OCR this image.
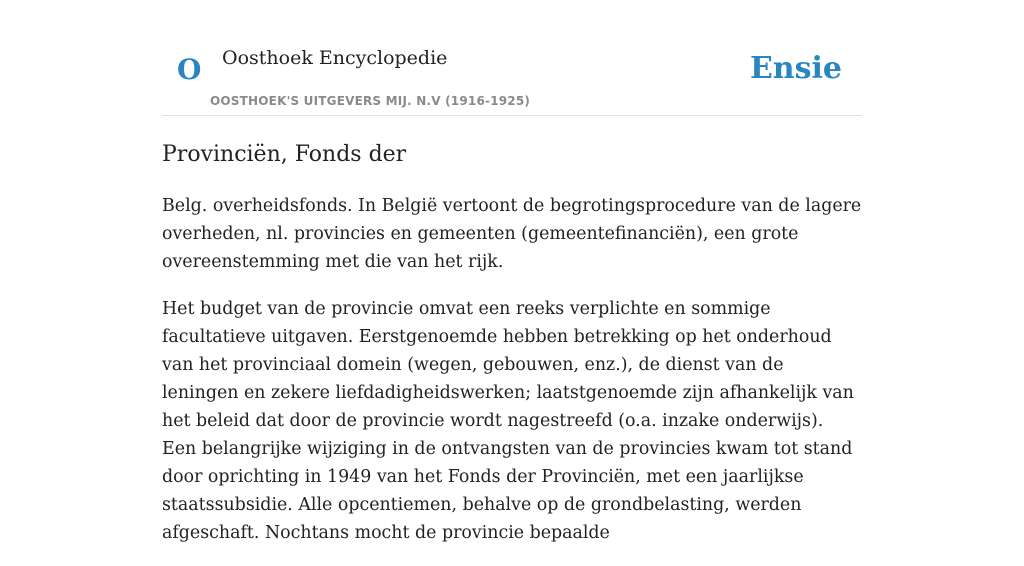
O Oosthoek Encyclopedie
OOSTHOEK'S UITGEVERS MIJ. N.V (1916-1925)
Ensie
Provinciën, Fonds der

Belg. overheidsfonds. In België vertoont de begrotingsprocedure van de lagere overheden, nl. provincies en gemeenten (gemeentefinanciën), een grote overeenstemming met die van het rijk.

Het budget van de provincie omvat een reeks verplichte en sommige facultatieve uitgaven. Eerstgenoemde hebben betrekking op het onderhoud van het provinciaal domein (wegen, gebouwen, enz.), de dienst van de leningen en zekere liefdadigheidswerken; laatstgenoemde zijn afhankelijk van het beleid dat door de provincie wordt nagestreefd (o.a. inzake onderwijs). Een belangrijke wijziging in de ontvangsten van de provincies kwam tot stand door oprichting in 1949 van het Fonds der Provinciën, met een jaarlijkse staatssubsidie. Alle opcentiemen, behalve op de grondbelasting, werden afgeschaft. Nochtans mocht de provincie bepaalde
